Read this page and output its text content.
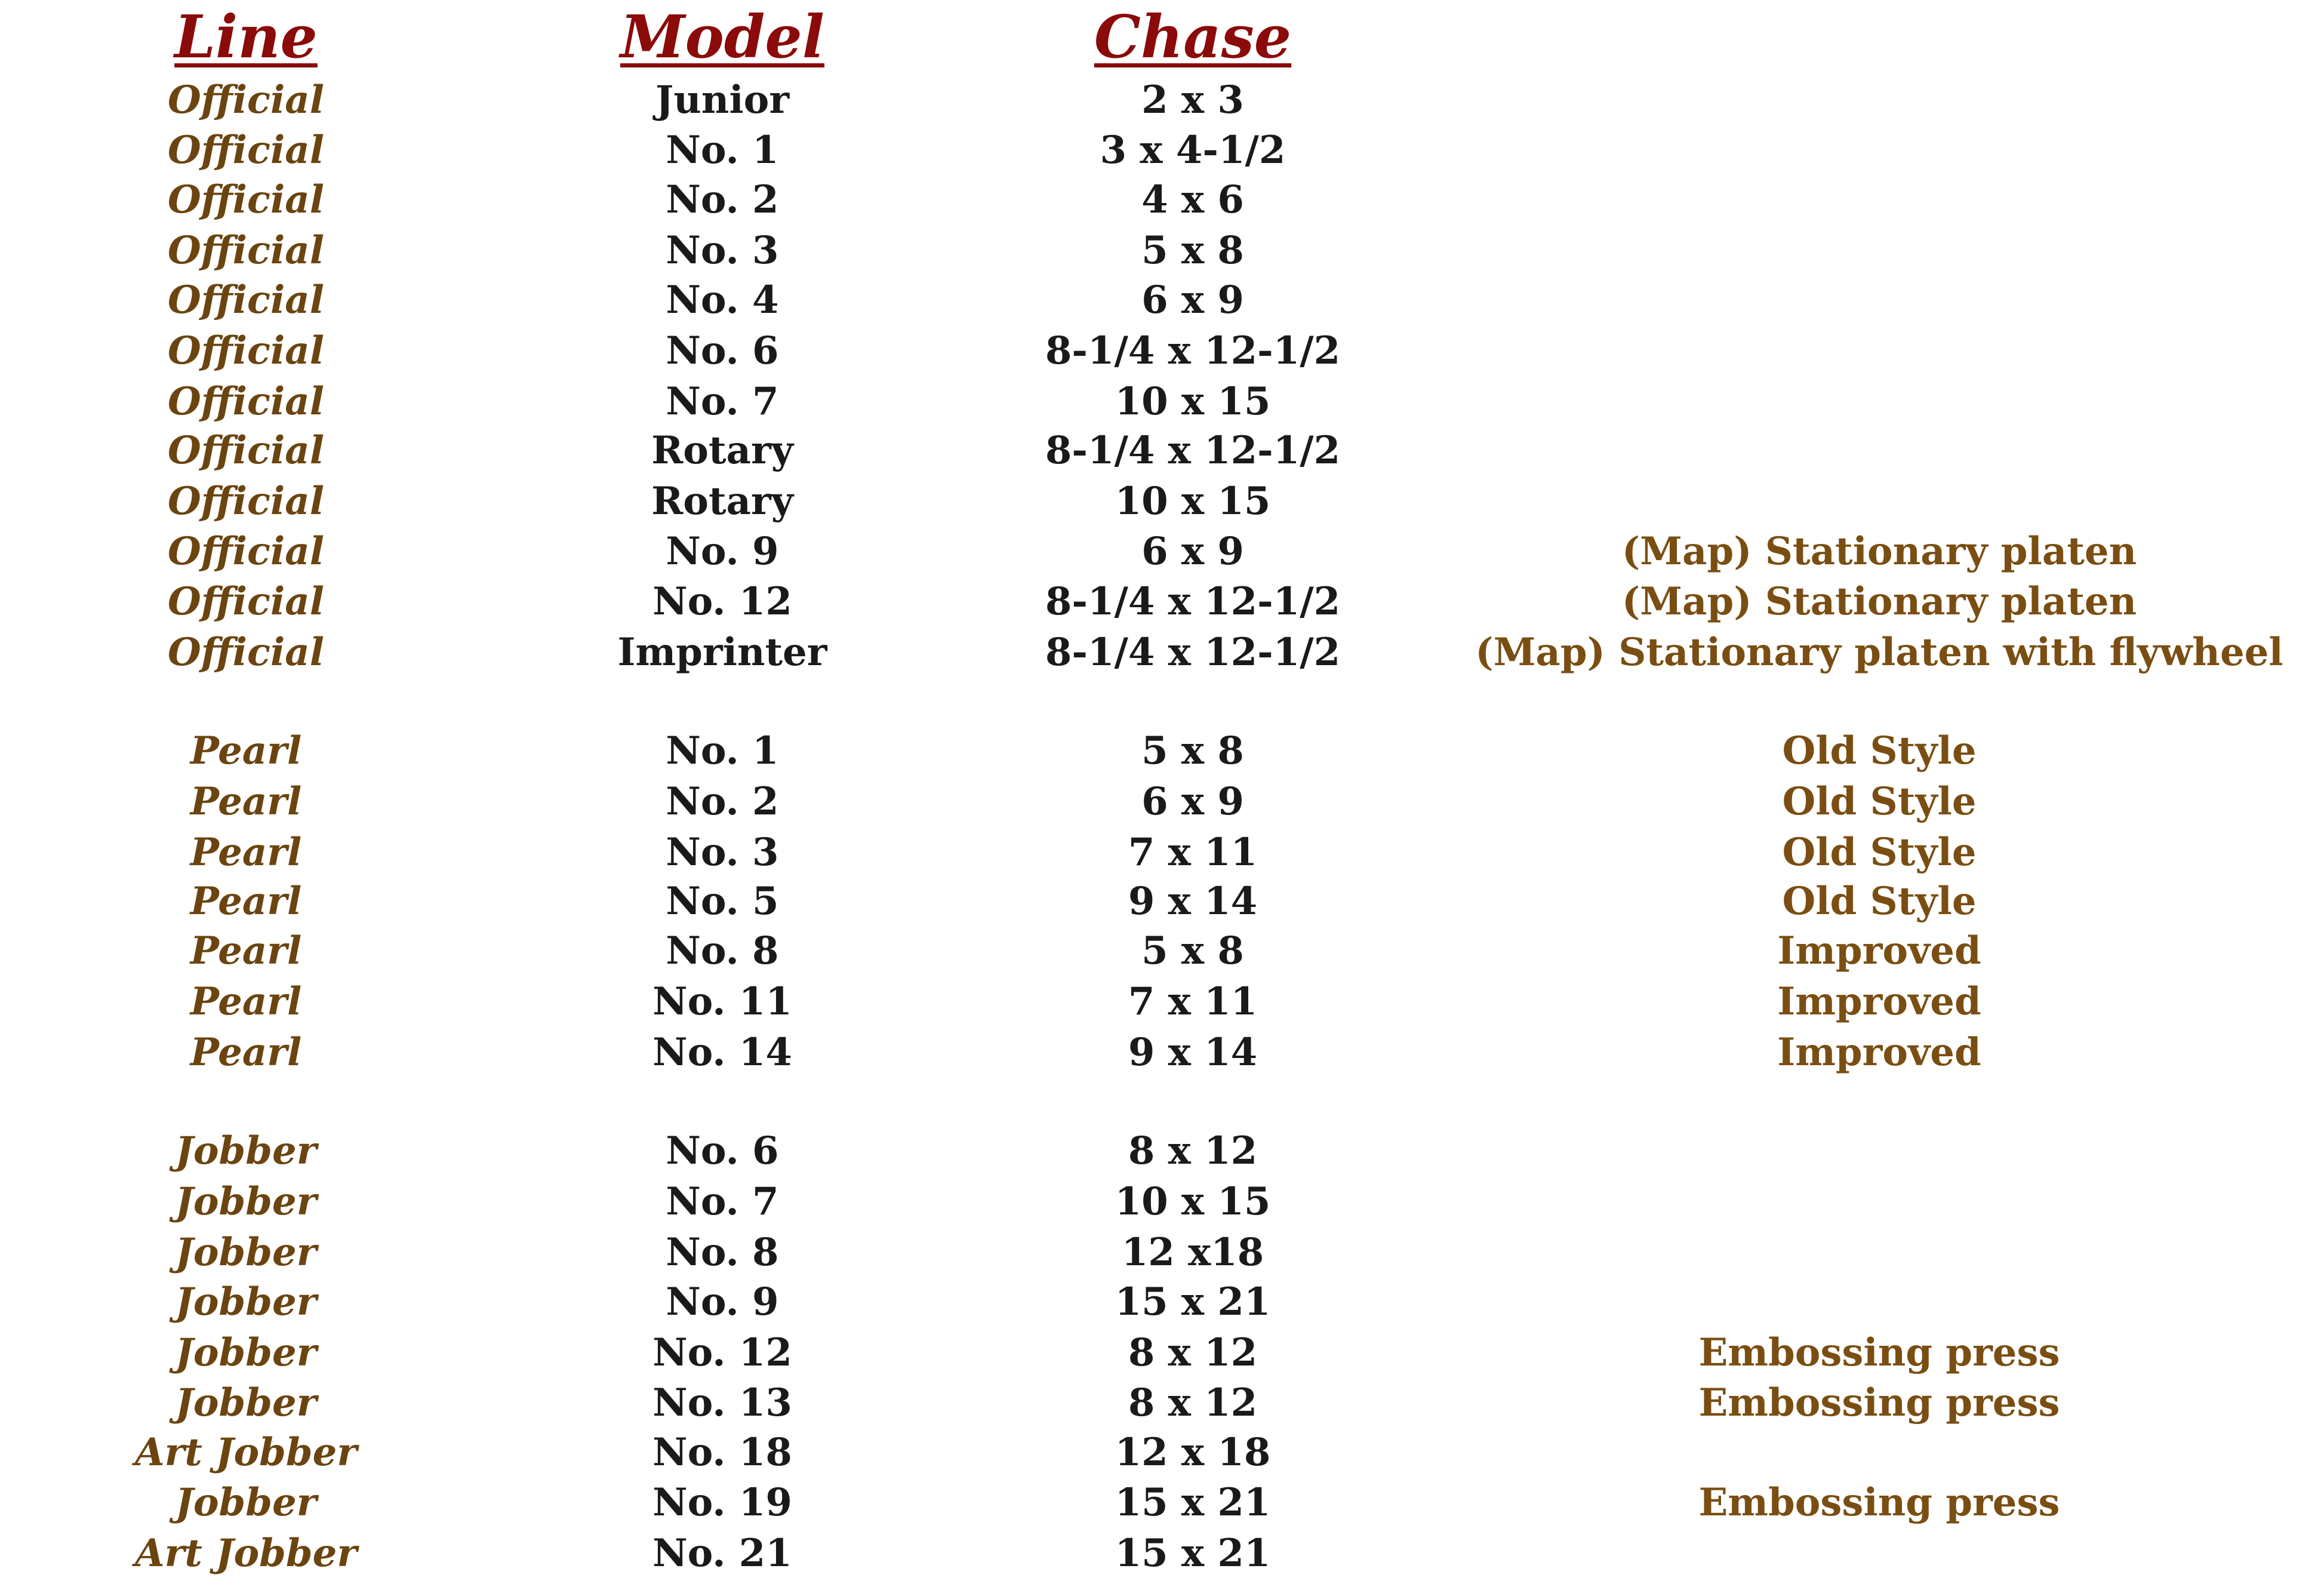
Line	Model	Chase
Official	Junior	2 x 3
Official	No. 1	3 x 4-1/2
Official	No. 2	4 x 6
Official	No. 3	5 x 8
Official	No. 4	6 x 9
Official	No. 6	8-1/4 x 12-1/2
Official	No. 7	10 x 15
Official	Rotary	8-1/4 x 12-1/2
Official	Rotary	10 x 15
Official	No. 9	6 x 9	(Map) Stationary platen
Official	No. 12	8-1/4 x 12-1/2	(Map) Stationary platen
Official	Imprinter	8-1/4 x 12-1/2	(Map) Stationary platen with flywheel
Pearl	No. 1	5 x 8	Old Style
Pearl	No. 2	6 x 9	Old Style
Pearl	No. 3	7 x 11	Old Style
Pearl	No. 5	9 x 14	Old Style
Pearl	No. 8	5 x 8	Improved
Pearl	No. 11	7 x 11	Improved
Pearl	No. 14	9 x 14	Improved
Jobber	No. 6	8 x 12
Jobber	No. 7	10 x 15
Jobber	No. 8	12 x18
Jobber	No. 9	15 x 21
Jobber	No. 12	8 x 12	Embossing press
Jobber	No. 13	8 x 12	Embossing press
Art Jobber	No. 18	12 x 18
Jobber	No. 19	15 x 21	Embossing press
Art Jobber	No. 21	15 x 21
